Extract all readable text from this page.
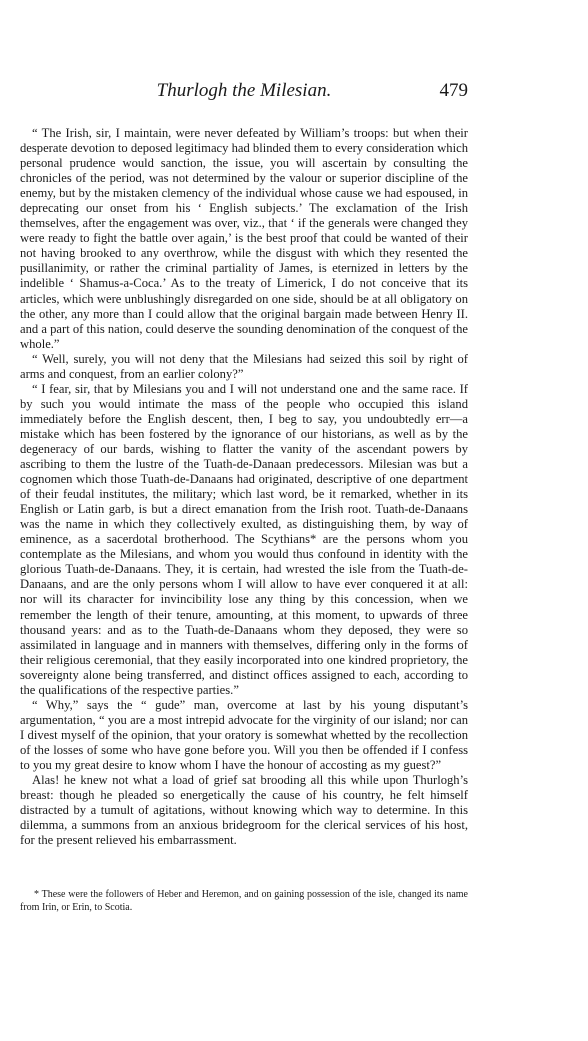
Thurlogh the Milesian.	479

“ The Irish, sir, I maintain, were never defeated by William’s troops: but when their desperate devotion to deposed legitimacy had blinded them to every consideration which personal prudence would sanction, the issue, you will ascertain by consulting the chronicles of the period, was not determined by the valour or superior discipline of the enemy, but by the mistaken clemency of the individual whose cause we had espoused, in deprecating our onset from his ‘ English subjects.’ The exclamation of the Irish themselves, after the engagement was over, viz., that ‘ if the generals were changed they were ready to fight the battle over again,’ is the best proof that could be wanted of their not having brooked to any overthrow, while the disgust with which they resented the pusillanimity, or rather the criminal partiality of James, is eternized in letters by the indelible ‘ Shamus-a-Coca.’ As to the treaty of Limerick, I do not conceive that its articles, which were unblushingly disregarded on one side, should be at all obligatory on the other, any more than I could allow that the original bargain made between Henry II. and a part of this nation, could deserve the sounding denomination of the conquest of the whole.”

“ Well, surely, you will not deny that the Milesians had seized this soil by right of arms and conquest, from an earlier colony?”

“ I fear, sir, that by Milesians you and I will not understand one and the same race. If by such you would intimate the mass of the people who occupied this island immediately before the English descent, then, I beg to say, you undoubtedly err—a mistake which has been fostered by the ignorance of our historians, as well as by the degeneracy of our bards, wishing to flatter the vanity of the ascendant powers by ascribing to them the lustre of the Tuath-de-Danaan predecessors. Milesian was but a cognomen which those Tuath-de-Danaans had originated, descriptive of one department of their feudal institutes, the military; which last word, be it remarked, whether in its English or Latin garb, is but a direct emanation from the Irish root. Tuath-de-Danaans was the name in which they collectively exulted, as distinguishing them, by way of eminence, as a sacerdotal brotherhood. The Scythians* are the persons whom you contemplate as the Milesians, and whom you would thus confound in identity with the glorious Tuath-de-Danaans. They, it is certain, had wrested the isle from the Tuath-de-Danaans, and are the only persons whom I will allow to have ever conquered it at all: nor will its character for invincibility lose any thing by this concession, when we remember the length of their tenure, amounting, at this moment, to upwards of three thousand years: and as to the Tuath-de-Danaans whom they deposed, they were so assimilated in language and in manners with themselves, differing only in the forms of their religious ceremonial, that they easily incorporated into one kindred proprietory, the sovereignty alone being transferred, and distinct offices assigned to each, according to the qualifications of the respective parties.”

“ Why,” says the “ gude” man, overcome at last by his young disputant’s argumentation, “ you are a most intrepid advocate for the virginity of our island; nor can I divest myself of the opinion, that your oratory is somewhat whetted by the recollection of the losses of some who have gone before you. Will you then be offended if I confess to you my great desire to know whom I have the honour of accosting as my guest?”

Alas! he knew not what a load of grief sat brooding all this while upon Thurlogh’s breast: though he pleaded so energetically the cause of his country, he felt himself distracted by a tumult of agitations, without knowing which way to determine. In this dilemma, a summons from an anxious bridegroom for the clerical services of his host, for the present relieved his embarrassment.

* These were the followers of Heber and Heremon, and on gaining possession of the isle, changed its name from Irin, or Erin, to Scotia.
